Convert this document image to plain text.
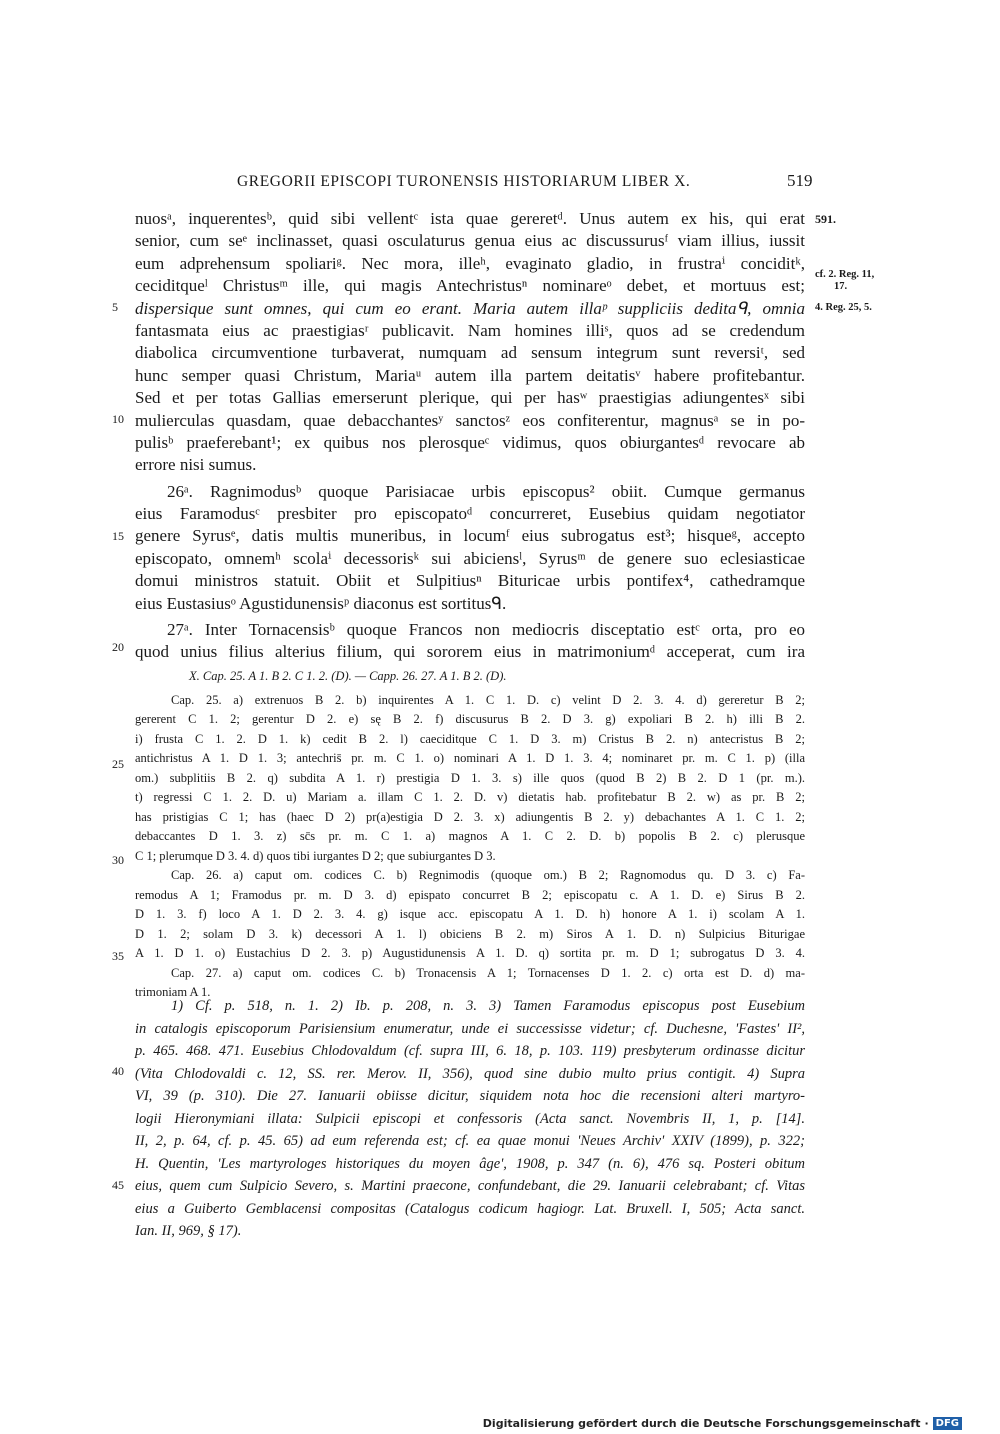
GREGORII EPISCOPI TURONENSIS HISTORIARUM LIBER X.	519
5
10
15
20
25
30
35
40
45
591.
cf. 2. Reg. 11,
17.
4. Reg. 25, 5.
nuosᵃ, inquerentesᵇ, quid sibi vellentᶜ ista quae gereretᵈ. Unus autem ex his, qui erat
senior, cum seᵉ inclinasset, quasi osculaturus genua eius ac discussurusᶠ viam illius, iussit
eum adprehensum spoliariᵍ. Nec mora, illeʰ, evaginato gladio, in frustraⁱ conciditᵏ,
ceciditqueˡ Christusᵐ ille, qui magis Antechristusⁿ nominareᵒ debet, et mortuus est;
dispersique sunt omnes, qui cum eo erant. Maria autem illaᵖ suppliciis deditaᑫ, omnia
fantasmata eius ac praestigiasʳ publicavit. Nam homines illiˢ, quos ad se credendum
diabolica circumventione turbaverat, numquam ad sensum integrum sunt reversiᵗ, sed
hunc semper quasi Christum, Mariaᵘ autem illa partem deitatisᵛ habere profitebantur.
Sed et per totas Gallias emerserunt plerique, qui per hasʷ praestigias adiungentesˣ sibi
mulierculas quasdam, quae debacchantesʸ sanctosᶻ eos confiterentur, magnusᵃ se in po-
pulisᵇ praeferebant¹; ex quibus nos plerosqueᶜ vidimus, quos obiurgantesᵈ revocare ab
errore nisi sumus.
26ᵃ. Ragnimodusᵇ quoque Parisiacae urbis episcopus² obiit. Cumque germanus
eius Faramodusᶜ presbiter pro episcopatoᵈ concurreret, Eusebius quidam negotiator
genere Syrusᵉ, datis multis muneribus, in locumᶠ eius subrogatus est³; hisqueᵍ, accepto
episcopato, omnemʰ scolaⁱ decessorisᵏ sui abiciensˡ, Syrusᵐ de genere suo eclesiasticae
domui ministros statuit. Obiit et Sulpitiusⁿ Bituricae urbis pontifex⁴, cathedramque
eius Eustasiusᵒ Agustidunensisᵖ diaconus est sortitusᑫ.
27ᵃ. Inter Tornacensisᵇ quoque Francos non mediocris disceptatio estᶜ orta, pro eo
quod unius filius alterius filium, qui sororem eius in matrimoniumᵈ acceperat, cum ira
X. Cap. 25. A 1. B 2. C 1. 2. (D). — Capp. 26. 27. A 1. B 2. (D).
Cap. 25. a) extrenuos B 2. b) inquirentes A 1. C 1. D. c) velint D 2. 3. 4. d) gereretur B 2;
gererent C 1. 2; gerentur D 2. e) sę B 2. f) discusurus B 2. D 3. g) expoliari B 2. h) illi B 2.
i) frusta C 1. 2. D 1. k) cedit B 2. l) caeciditque C 1. D 3. m) Cristus B 2. n) antecristus B 2;
antichristus A 1. D 1. 3; antechris̄ pr. m. C 1. o) nominari A 1. D 1. 3. 4; nominaret pr. m. C 1. p) (illa
om.) subplitiis B 2. q) subdita A 1. r) prestigia D 1. 3. s) ille quos (quod B 2) B 2. D 1 (pr. m.).
t) regressi C 1. 2. D. u) Mariam a. illam C 1. 2. D. v) dietatis hab. profitebatur B 2. w) as pr. B 2;
has pristigias C 1; has (haec D 2) pr(a)estigia D 2. 3. x) adiungentis B 2. y) debachantes A 1. C 1. 2;
debaccantes D 1. 3. z) sc̄s pr. m. C 1. a) magnos A 1. C 2. D. b) popolis B 2. c) plerusque
C 1; plerumque D 3. 4. d) quos tibi iurgantes D 2; que subiurgantes D 3.
Cap. 26. a) caput om. codices C. b) Regnimodis (quoque om.) B 2; Ragnomodus qu. D 3. c) Fa-
remodus A 1; Framodus pr. m. D 3. d) epispato concurret B 2; episcopatu c. A 1. D. e) Sirus B 2.
D 1. 3. f) loco A 1. D 2. 3. 4. g) isque acc. episcopatu A 1. D. h) honore A 1. i) scolam A 1.
D 1. 2; solam D 3. k) decessori A 1. l) obiciens B 2. m) Siros A 1. D. n) Sulpicius Biturigae
A 1. D 1. o) Eustachius D 2. 3. p) Augustidunensis A 1. D. q) sortita pr. m. D 1; subrogatus D 3. 4.
Cap. 27. a) caput om. codices C. b) Tronacensis A 1; Tornacenses D 1. 2. c) orta est D. d) ma-
trimoniam A 1.
1) Cf. p. 518, n. 1. 2) Ib. p. 208, n. 3. 3) Tamen Faramodus episcopus post Eusebium
in catalogis episcoporum Parisiensium enumeratur, unde ei successisse videtur; cf. Duchesne, 'Fastes' II²,
p. 465. 468. 471. Eusebius Chlodovaldum (cf. supra III, 6. 18, p. 103. 119) presbyterum ordinasse dicitur
(Vita Chlodovaldi c. 12, SS. rer. Merov. II, 356), quod sine dubio multo prius contigit. 4) Supra
VI, 39 (p. 310). Die 27. Ianuarii obiisse dicitur, siquidem nota hoc die recensioni alteri martyro-
logii Hieronymiani illata: Sulpicii episcopi et confessoris (Acta sanct. Novembris II, 1, p. [14].
II, 2, p. 64, cf. p. 45. 65) ad eum referenda est; cf. ea quae monui 'Neues Archiv' XXIV (1899), p. 322;
H. Quentin, 'Les martyrologes historiques du moyen âge', 1908, p. 347 (n. 6), 476 sq. Posteri obitum
eius, quem cum Sulpicio Severo, s. Martini praecone, confundebant, die 29. Ianuarii celebrabant; cf. Vitas
eius a Guiberto Gemblacensi compositas (Catalogus codicum hagiogr. Lat. Bruxell. I, 505; Acta sanct.
Ian. II, 969, § 17).
Digitalisierung gefördert durch die Deutsche Forschungsgemeinschaft · DFG
